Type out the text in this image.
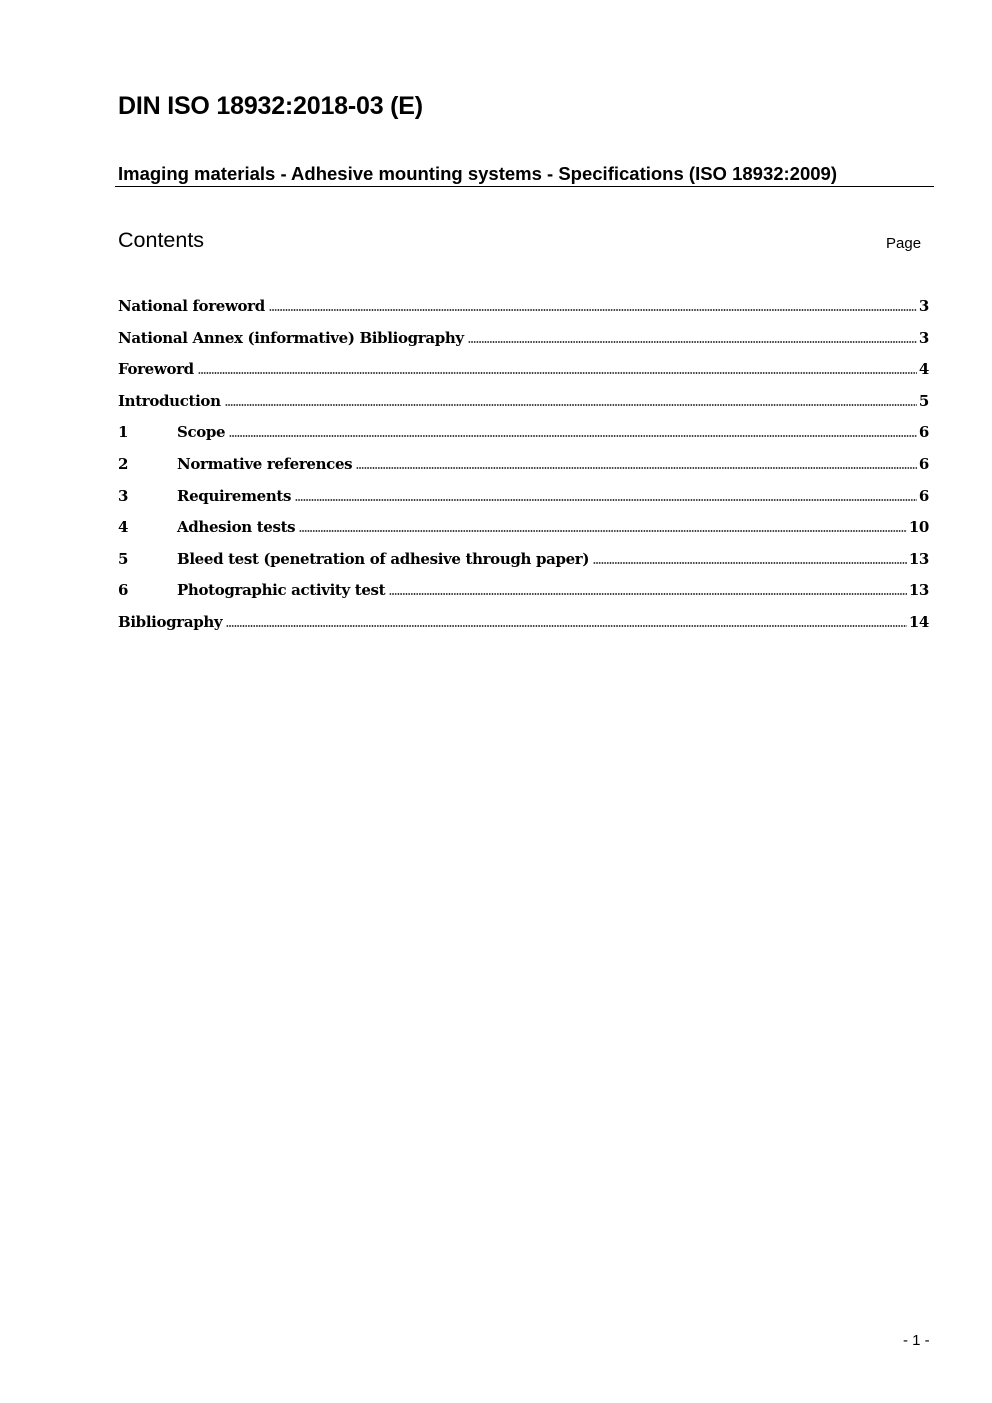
DIN ISO 18932:2018-03 (E)
Imaging materials - Adhesive mounting systems - Specifications (ISO 18932:2009)
Contents	Page
National foreword	3
National Annex (informative) Bibliography	3
Foreword	4
Introduction	5
1	Scope	6
2	Normative references	6
3	Requirements	6
4	Adhesion tests	10
5	Bleed test (penetration of adhesive through paper)	13
6	Photographic activity test	13
Bibliography	14
- 1 -
